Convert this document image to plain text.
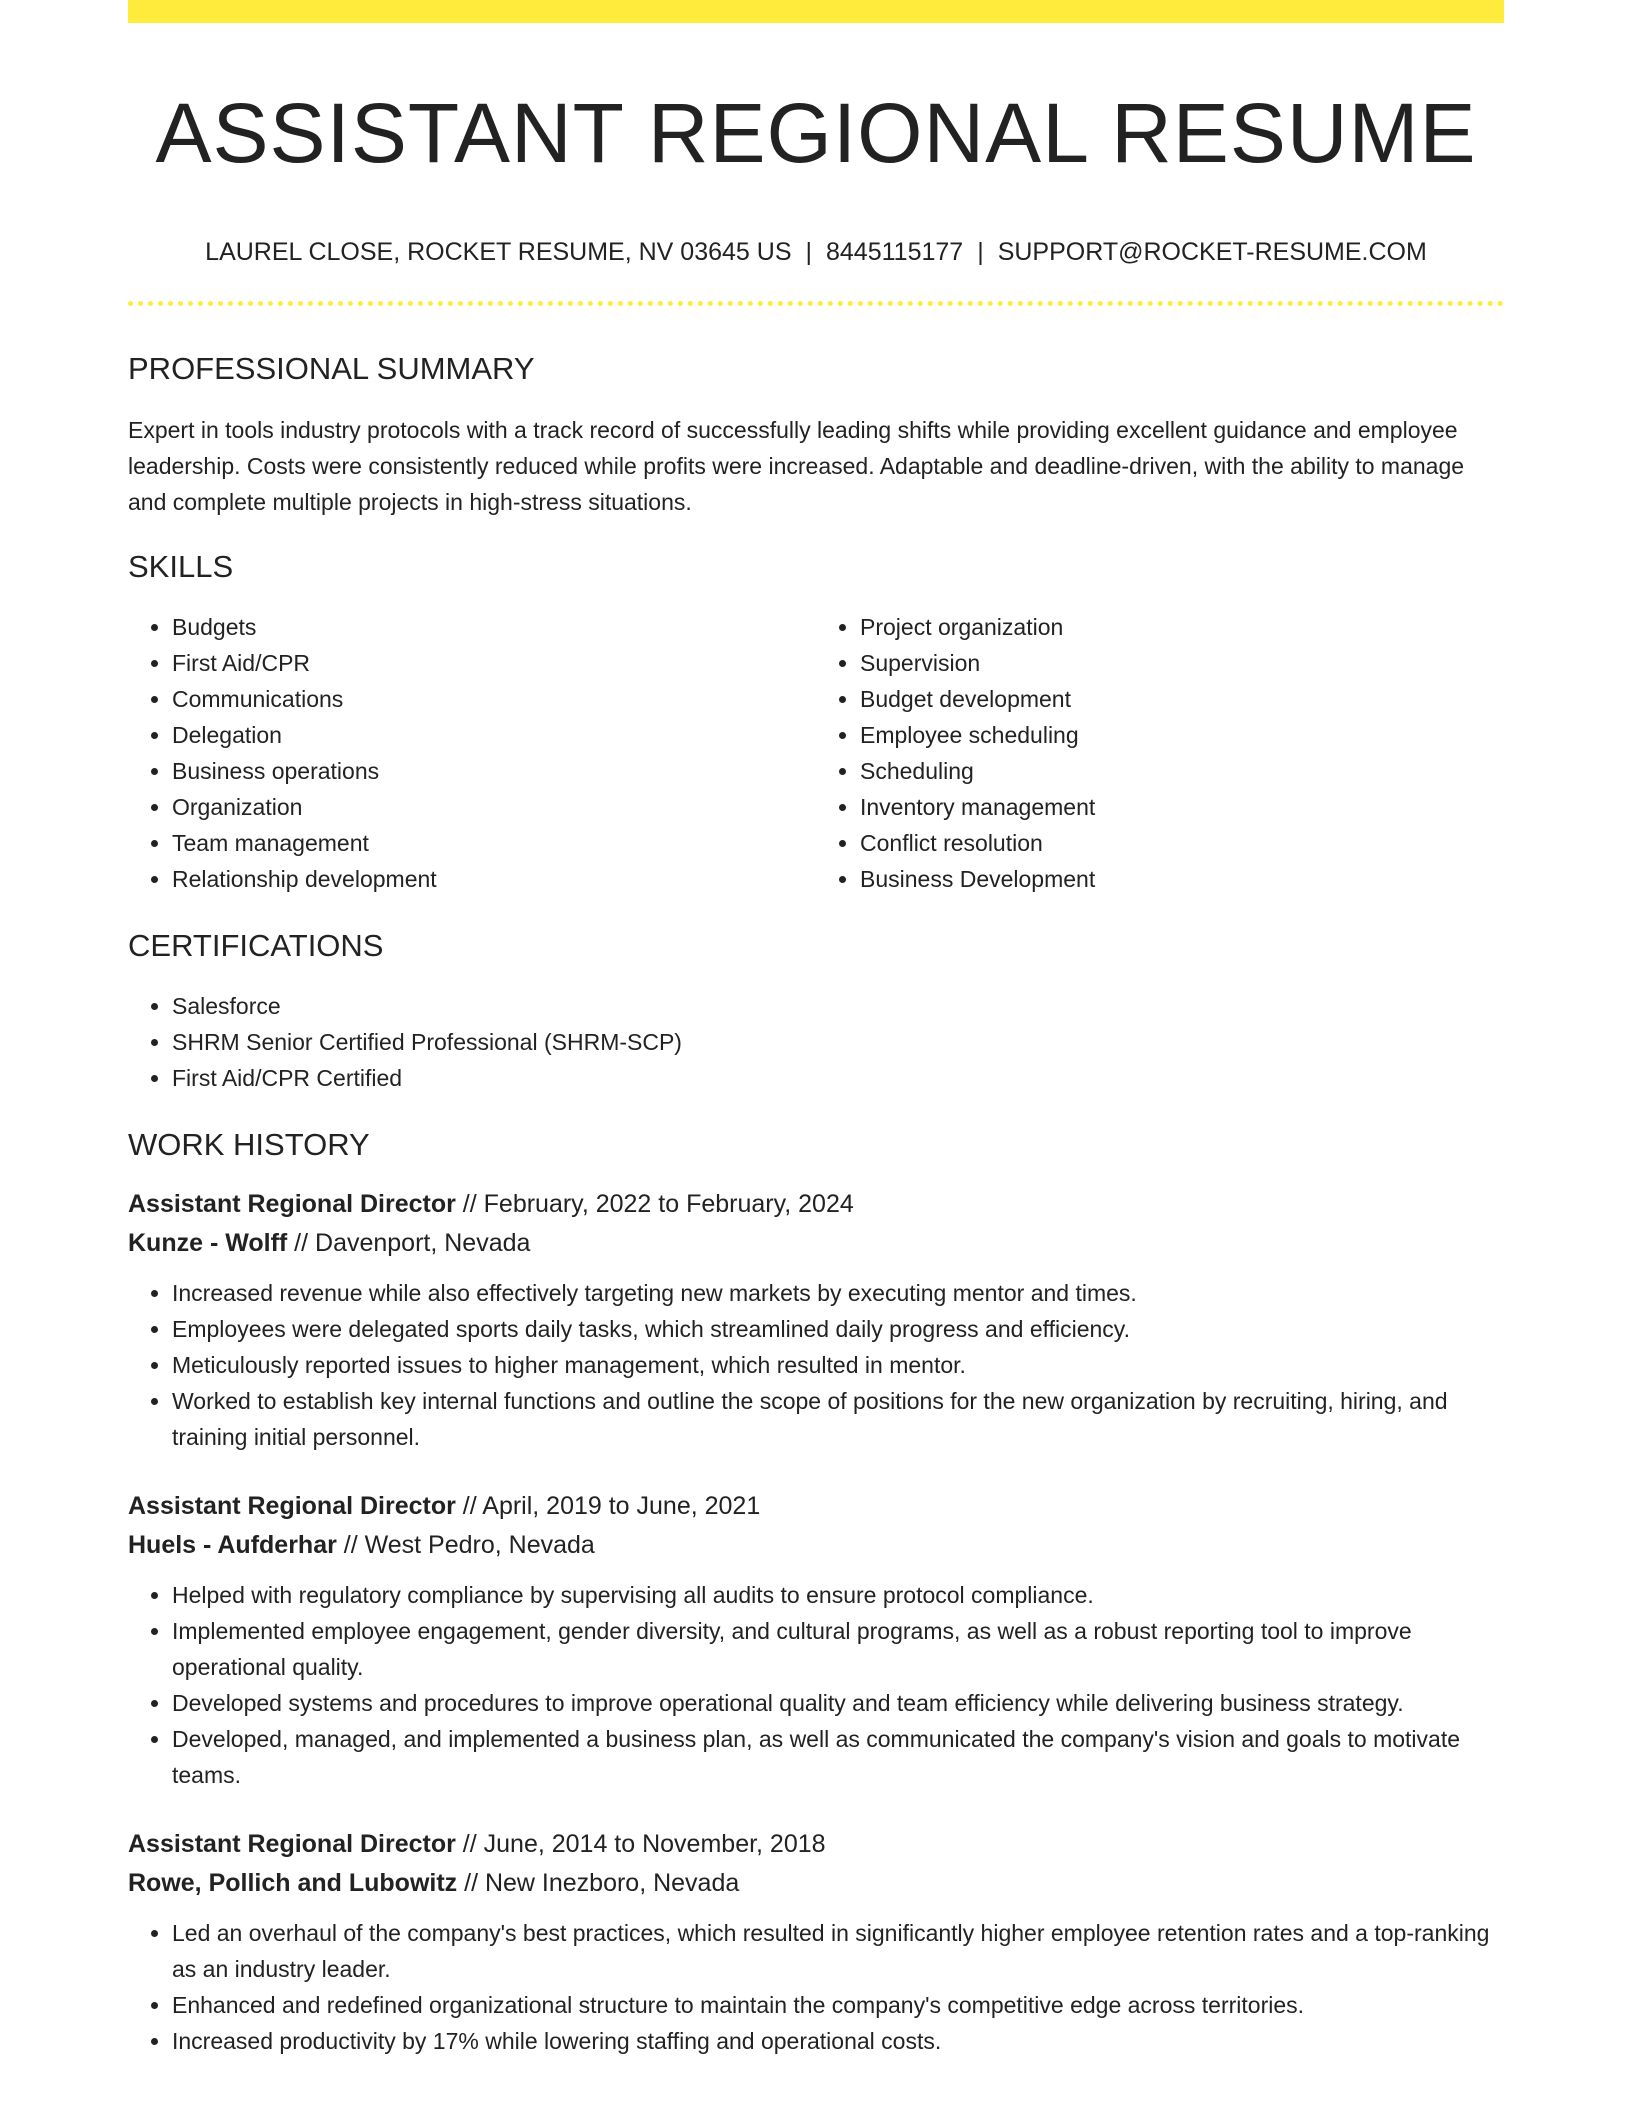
ASSISTANT REGIONAL RESUME
LAUREL CLOSE, ROCKET RESUME, NV 03645 US | 8445115177 | SUPPORT@ROCKET-RESUME.COM
PROFESSIONAL SUMMARY

Expert in tools industry protocols with a track record of successfully leading shifts while providing excellent guidance and employee leadership. Costs were consistently reduced while profits were increased. Adaptable and deadline-driven, with the ability to manage and complete multiple projects in high-stress situations.

SKILLS
• Budgets
• First Aid/CPR
• Communications
• Delegation
• Business operations
• Organization
• Team management
• Relationship development
• Project organization
• Supervision
• Budget development
• Employee scheduling
• Scheduling
• Inventory management
• Conflict resolution
• Business Development
CERTIFICATIONS
• Salesforce
• SHRM Senior Certified Professional (SHRM-SCP)
• First Aid/CPR Certified
WORK HISTORY

Assistant Regional Director // February, 2022 to February, 2024

Kunze - Wolff // Davenport, Nevada

• Increased revenue while also effectively targeting new markets by executing mentor and times.
• Employees were delegated sports daily tasks, which streamlined daily progress and efficiency.
• Meticulously reported issues to higher management, which resulted in mentor.
• Worked to establish key internal functions and outline the scope of positions for the new organization by recruiting, hiring, and training initial personnel.

Assistant Regional Director // April, 2019 to June, 2021

Huels - Aufderhar // West Pedro, Nevada

• Helped with regulatory compliance by supervising all audits to ensure protocol compliance.
• Implemented employee engagement, gender diversity, and cultural programs, as well as a robust reporting tool to improve operational quality.
• Developed systems and procedures to improve operational quality and team efficiency while delivering business strategy.
• Developed, managed, and implemented a business plan, as well as communicated the company's vision and goals to motivate teams.

Assistant Regional Director // June, 2014 to November, 2018

Rowe, Pollich and Lubowitz // New Inezboro, Nevada

• Led an overhaul of the company's best practices, which resulted in significantly higher employee retention rates and a top-ranking as an industry leader.
• Enhanced and redefined organizational structure to maintain the company's competitive edge across territories.
• Increased productivity by 17% while lowering staffing and operational costs.
